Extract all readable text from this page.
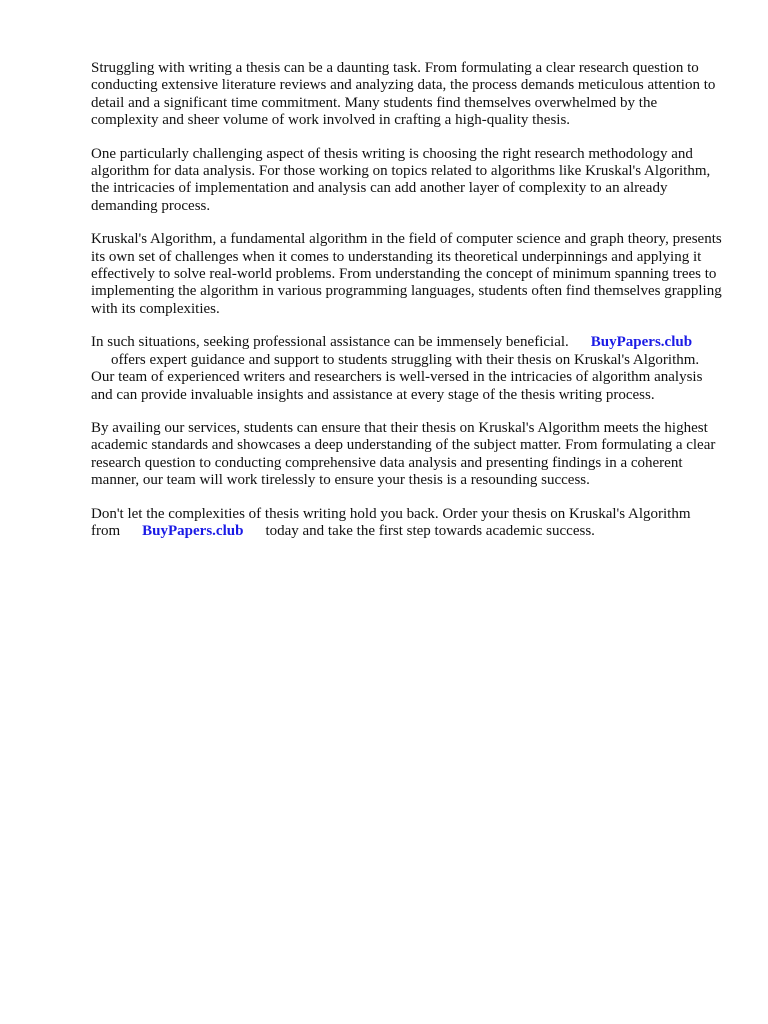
Struggling with writing a thesis can be a daunting task. From formulating a clear research question to conducting extensive literature reviews and analyzing data, the process demands meticulous attention to detail and a significant time commitment. Many students find themselves overwhelmed by the complexity and sheer volume of work involved in crafting a high-quality thesis.

One particularly challenging aspect of thesis writing is choosing the right research methodology and algorithm for data analysis. For those working on topics related to algorithms like Kruskal's Algorithm, the intricacies of implementation and analysis can add another layer of complexity to an already demanding process.

Kruskal's Algorithm, a fundamental algorithm in the field of computer science and graph theory, presents its own set of challenges when it comes to understanding its theoretical underpinnings and applying it effectively to solve real-world problems. From understanding the concept of minimum spanning trees to implementing the algorithm in various programming languages, students often find themselves grappling with its complexities.

In such situations, seeking professional assistance can be immensely beneficial. BuyPapers.club
offers expert guidance and support to students struggling with their thesis on Kruskal's Algorithm. Our team of experienced writers and researchers is well-versed in the intricacies of algorithm analysis and can provide invaluable insights and assistance at every stage of the thesis writing process.

By availing our services, students can ensure that their thesis on Kruskal's Algorithm meets the highest academic standards and showcases a deep understanding of the subject matter. From formulating a clear research question to conducting comprehensive data analysis and presenting findings in a coherent manner, our team will work tirelessly to ensure your thesis is a resounding success.

Don't let the complexities of thesis writing hold you back. Order your thesis on Kruskal's Algorithm from BuyPapers.club today and take the first step towards academic success.
